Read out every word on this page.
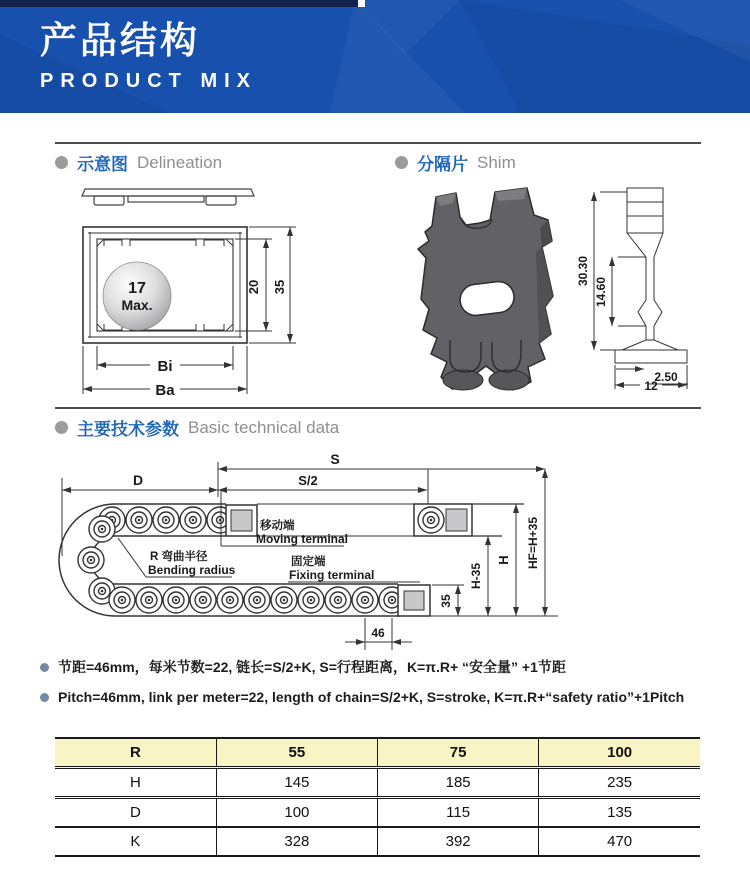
产品结构
PRODUCT MIX
示意图 Delineation	分隔片 Shim
17
Max.
20 35
Bi
Ba
30.30
14.60
2.50
12
主要技术参数 Basic technical data
D
S
S/2
移动端
Moving terminal
R 弯曲半径
Bending radius
固定端
Fixing terminal
46
35
H-35
H HF=H+35
节距=46mm，每米节数=22, 链长=S/2+K, S=行程距离，K=π.R+ “安全量” +1节距
Pitch=46mm, link per meter=22, length of chain=S/2+K, S=stroke, K=π.R+“safety ratio”+1Pitch
R	55	75	100
H	145	185	235
D	100	115	135
K	328	392	470
